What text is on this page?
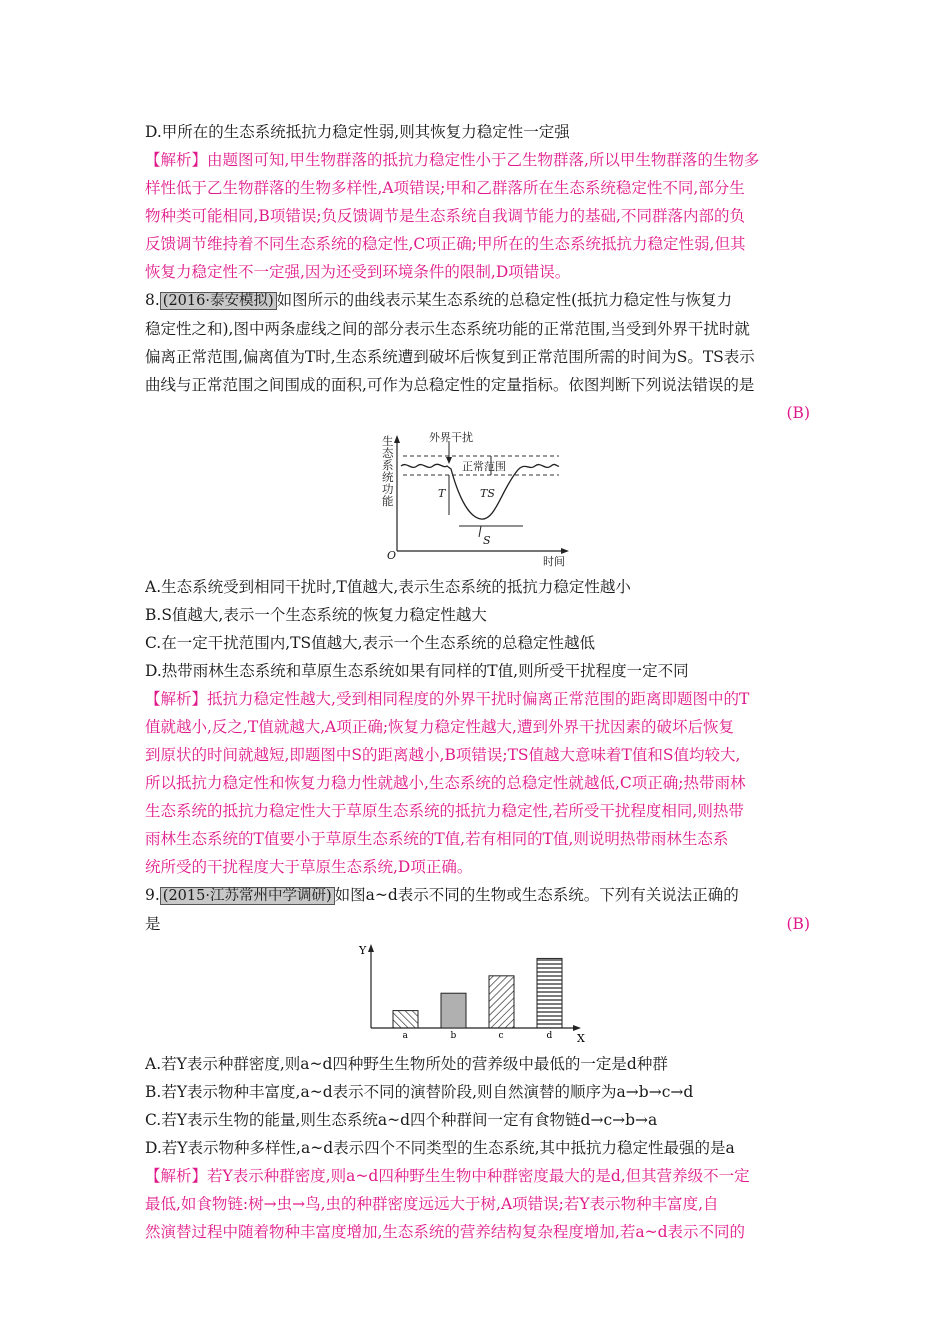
D.甲所在的生态系统抵抗力稳定性弱,则其恢复力稳定性一定强
【解析】由题图可知,甲生物群落的抵抗力稳定性小于乙生物群落,所以甲生物群落的生物多
样性低于乙生物群落的生物多样性,A项错误;甲和乙群落所在生态系统稳定性不同,部分生
物种类可能相同,B项错误;负反馈调节是生态系统自我调节能力的基础,不同群落内部的负
反馈调节维持着不同生态系统的稳定性,C项正确;甲所在的生态系统抵抗力稳定性弱,但其
恢复力稳定性不一定强,因为还受到环境条件的限制,D项错误。
8. (2016·泰安模拟) 如图所示的曲线表示某生态系统的总稳定性(抵抗力稳定性与恢复力
稳定性之和),图中两条虚线之间的部分表示生态系统功能的正常范围,当受到外界干扰时就
偏离正常范围,偏离值为T时,生态系统遭到破坏后恢复到正常范围所需的时间为S。TS表示
曲线与正常范围之间围成的面积,可作为总稳定性的定量指标。依图判断下列说法错误的是
(B)
生态系统功能
外界干扰
正常范围
T	TS
S
O	时间
A.生态系统受到相同干扰时,T值越大,表示生态系统的抵抗力稳定性越小
B.S值越大,表示一个生态系统的恢复力稳定性越大
C.在一定干扰范围内,TS值越大,表示一个生态系统的总稳定性越低
D.热带雨林生态系统和草原生态系统如果有同样的T值,则所受干扰程度一定不同
【解析】抵抗力稳定性越大,受到相同程度的外界干扰时偏离正常范围的距离即题图中的T
值就越小,反之,T值就越大,A项正确;恢复力稳定性越大,遭到外界干扰因素的破坏后恢复
到原状的时间就越短,即题图中S的距离越小,B项错误;TS值越大意味着T值和S值均较大,
所以抵抗力稳定性和恢复力稳力性就越小,生态系统的总稳定性就越低,C项正确;热带雨林
生态系统的抵抗力稳定性大于草原生态系统的抵抗力稳定性,若所受干扰程度相同,则热带
雨林生态系统的T值要小于草原生态系统的T值,若有相同的T值,则说明热带雨林生态系
统所受的干扰程度大于草原生态系统,D项正确。
9. (2015·江苏常州中学调研) 如图a~d表示不同的生物或生态系统。下列有关说法正确的
是	(B)
Y
X
a	b	c	d
A.若Y表示种群密度,则a~d四种野生生物所处的营养级中最低的一定是d种群
B.若Y表示物种丰富度,a~d表示不同的演替阶段,则自然演替的顺序为a→b→c→d
C.若Y表示生物的能量,则生态系统a~d四个种群间一定有食物链d→c→b→a
D.若Y表示物种多样性,a~d表示四个不同类型的生态系统,其中抵抗力稳定性最强的是a
【解析】若Y表示种群密度,则a~d四种野生生物中种群密度最大的是d,但其营养级不一定
最低,如食物链:树→虫→鸟,虫的种群密度远远大于树,A项错误;若Y表示物种丰富度,自
然演替过程中随着物种丰富度增加,生态系统的营养结构复杂程度增加,若a~d表示不同的
